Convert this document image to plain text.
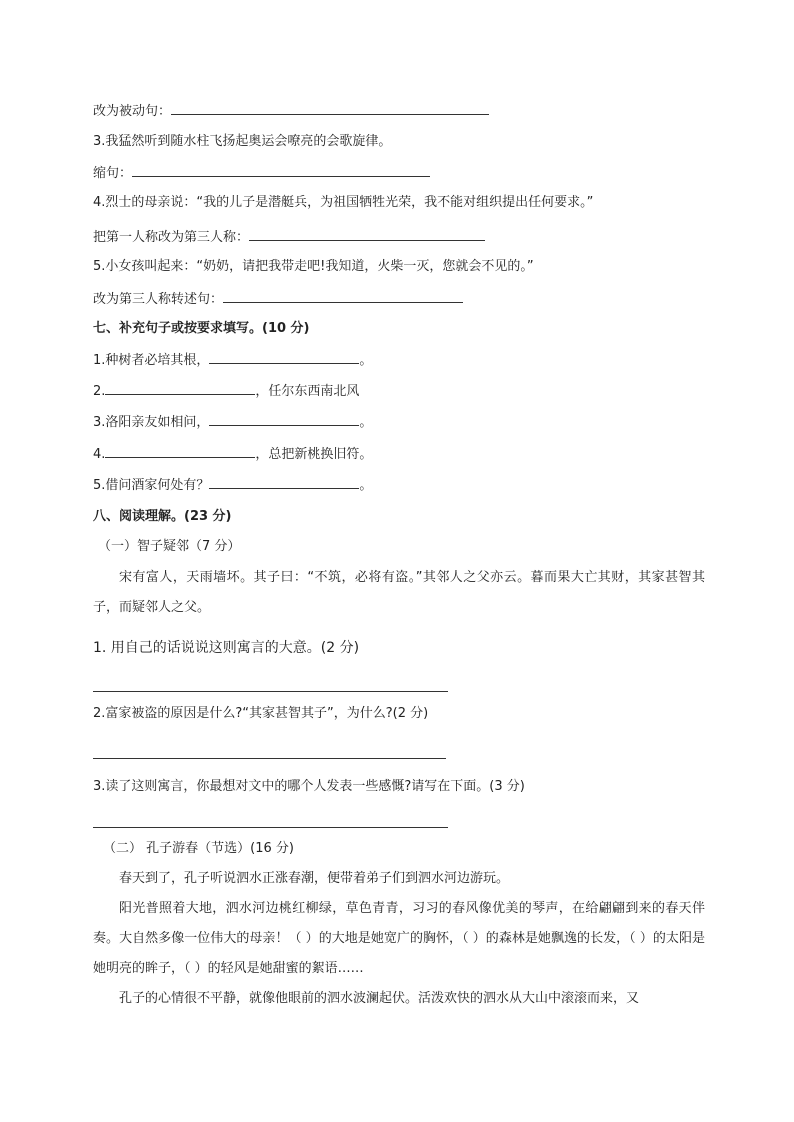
改为被动句：
3.我猛然听到随水柱飞扬起奥运会嘹亮的会歌旋律。
缩句：
4.烈士的母亲说：“我的儿子是潜艇兵，为祖国牺牲光荣，我不能对组织提出任何要求。”
把第一人称改为第三人称：
5.小女孩叫起来：“奶奶，请把我带走吧!我知道，火柴一灭，您就会不见的。”
改为第三人称转述句：
七、补充句子或按要求填写。(10 分)
1.种树者必培其根，	。
2.	，任尔东西南北风
3.洛阳亲友如相问，	。
4.	，总把新桃换旧符。
5.借问酒家何处有？	。
八、阅读理解。(23 分)
（一）智子疑邻（7 分）

宋有富人，天雨墙坏。其子曰：“不筑，必将有盗。”其邻人之父亦云。暮而果大亡其财，其家甚智其子，而疑邻人之父。

1. 用自己的话说说这则寓言的大意。(2 分)
2.富家被盗的原因是什么?“其家甚智其子”，为什么?(2 分)
3.读了这则寓言，你最想对文中的哪个人发表一些感慨?请写在下面。(3 分)
（二） 孔子游春（节选）(16 分)

春天到了，孔子听说泗水正涨春潮，便带着弟子们到泗水河边游玩。

阳光普照着大地，泗水河边桃红柳绿，草色青青，习习的春风像优美的琴声，在给翩翩到来的春天伴奏。大自然多像一位伟大的母亲！（ ）的大地是她宽广的胸怀，（ ）的森林是她飘逸的长发，（ ）的太阳是她明亮的眸子，（ ）的轻风是她甜蜜的絮语……

孔子的心情很不平静，就像他眼前的泗水波澜起伏。活泼欢快的泗水从大山中滚滚而来，又
